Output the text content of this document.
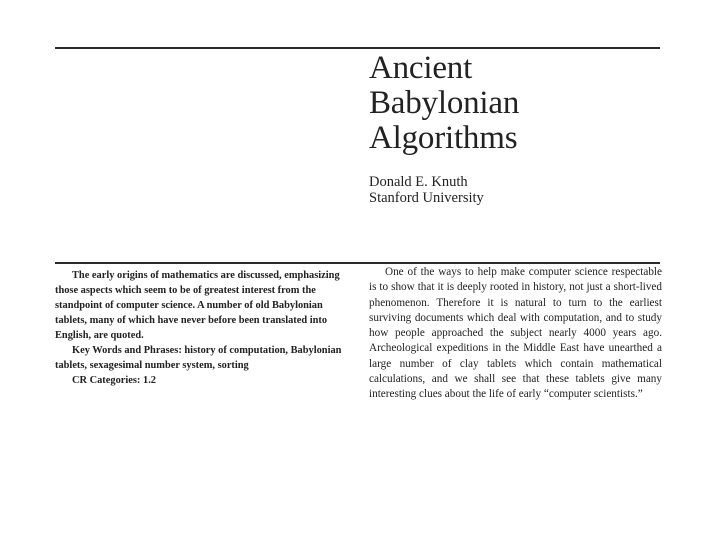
Ancient
Babylonian
Algorithms
Donald E. Knuth
Stanford University

The early origins of mathematics are discussed, emphasizing those aspects which seem to be of greatest interest from the standpoint of computer science. A number of old Babylonian tablets, many of which have never before been translated into English, are quoted.

Key Words and Phrases: history of computation, Babylonian tablets, sexagesimal number system, sorting

CR Categories: 1.2

One of the ways to help make computer science respectable is to show that it is deeply rooted in history, not just a short-lived phenomenon. Therefore it is natural to turn to the earliest surviving documents which deal with computation, and to study how people approached the subject nearly 4000 years ago. Archeological expeditions in the Middle East have unearthed a large number of clay tablets which contain mathematical calculations, and we shall see that these tablets give many interesting clues about the life of early “computer scientists.”
